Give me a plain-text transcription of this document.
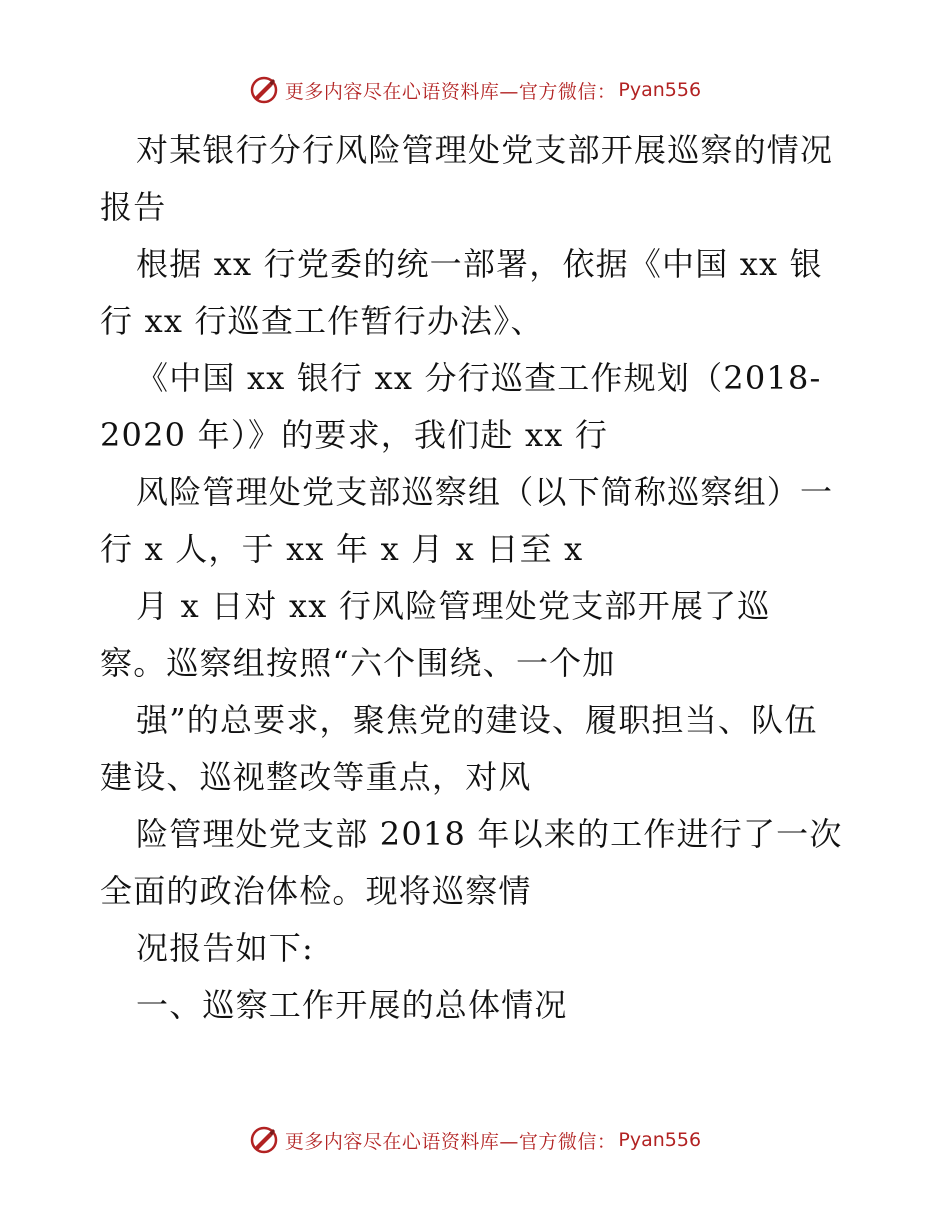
更多内容尽在心语资料库—官方微信： Pyan556
对某银行分行风险管理处党支部开展巡察的情况
报告
根据 xx 行党委的统一部署，依据《中国 xx 银
行 xx 行巡查工作暂行办法》、
《中国 xx 银行 xx 分行巡查工作规划（2018-
2020 年）》的要求，我们赴 xx 行
风险管理处党支部巡察组（以下简称巡察组）一
行 x 人，于 xx 年 x 月 x 日至 x
月 x 日对 xx 行风险管理处党支部开展了巡
察。巡察组按照“六个围绕、一个加
强”的总要求，聚焦党的建设、履职担当、队伍
建设、巡视整改等重点，对风
险管理处党支部 2018 年以来的工作进行了一次
全面的政治体检。现将巡察情
况报告如下:
一、巡察工作开展的总体情况
更多内容尽在心语资料库—官方微信： Pyan556
